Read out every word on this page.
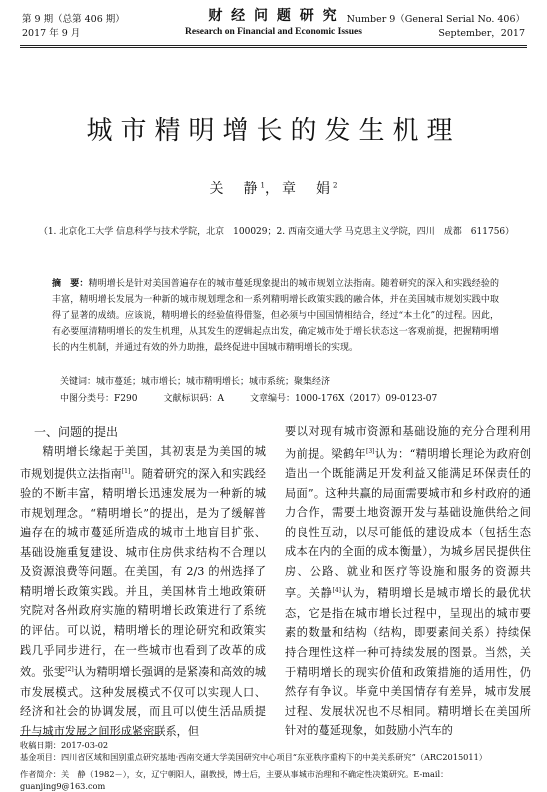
第 9 期（总第 406 期）
2017 年 9 月
财 经 问 题 研 究
Research on Financial and Economic Issues
Number 9（General Serial No. 406）
September，2017
城市精明增长的发生机理
关　静$^1$，章　娟$^2$
（1. 北京化工大学 信息科学与技术学院，北京　100029；2. 西南交通大学 马克思主义学院，四川　成都　611756）
摘　要：精明增长是针对美国普遍存在的城市蔓延现象提出的城市规划立法指南。随着研究的深入和实践经验的丰富，精明增长发展为一种新的城市规划理念和一系列精明增长政策实践的融合体，并在美国城市规划实践中取得了显著的成绩。应该说，精明增长的经验值得借鉴，但必须与中国国情相结合，经过“本土化”的过程。因此，有必要厘清精明增长的发生机理，从其发生的逻辑起点出发，确定城市处于增长状态这一客观前提，把握精明增长的内生机制，并通过有效的外力助推，最终促进中国城市精明增长的实现。
关键词：城市蔓延；城市增长；城市精明增长；城市系统；聚集经济
中图分类号：F290	文献标识码：A	文章编号：1000-176X（2017）09-0123-07
一、问题的提出

精明增长缘起于美国，其初衷是为美国的城市规划提供立法指南[1]。随着研究的深入和实践经验的不断丰富，精明增长迅速发展为一种新的城市规划理念。“精明增长”的提出，是为了缓解普遍存在的城市蔓延所造成的城市土地盲目扩张、基础设施重复建设、城市住房供求结构不合理以及资源浪费等问题。在美国，有 2/3 的州选择了精明增长政策实践。并且，美国林肯土地政策研究院对各州政府实施的精明增长政策进行了系统的评估。可以说，精明增长的理论研究和政策实践几乎同步进行，在一些城市也看到了改革的成效。张雯[2]认为精明增长强调的是紧凑和高效的城市发展模式。这种发展模式不仅可以实现人口、经济和社会的协调发展，而且可以使生活品质提升与城市发展之间形成紧密联系，但

要以对现有城市资源和基础设施的充分合理利用为前提。梁鹤年[3]认为：“精明增长理论为政府创造出一个既能满足开发利益又能满足环保责任的局面”。这种共赢的局面需要城市和乡村政府的通力合作，需要土地资源开发与基础设施供给之间的良性互动，以尽可能低的建设成本（包括生态成本在内的全面的成本衡量），为城乡居民提供住房、公路、就业和医疗等设施和服务的资源共享。关静[4]认为，精明增长是城市增长的最优状态，它是指在城市增长过程中，呈现出的城市要素的数量和结构（结构，即要素间关系）持续保持合理性这样一种可持续发展的图景。当然，关于精明增长的现实价值和政策措施的适用性，仍然存有争议。毕竟中美国情存有差异，城市发展过程、发展状况也不尽相同。精明增长在美国所针对的蔓延现象，如鼓励小汽车的

收稿日期：2017-03-02
基金项目：四川省区域和国别重点研究基地·西南交通大学美国研究中心项目“东亚秩序重构下的中美关系研究”（ARC2015011）
作者简介：关　静（1982－），女，辽宁朝阳人，副教授，博士后，主要从事城市治理和不确定性决策研究。E-mail：guanjing9@163.com
